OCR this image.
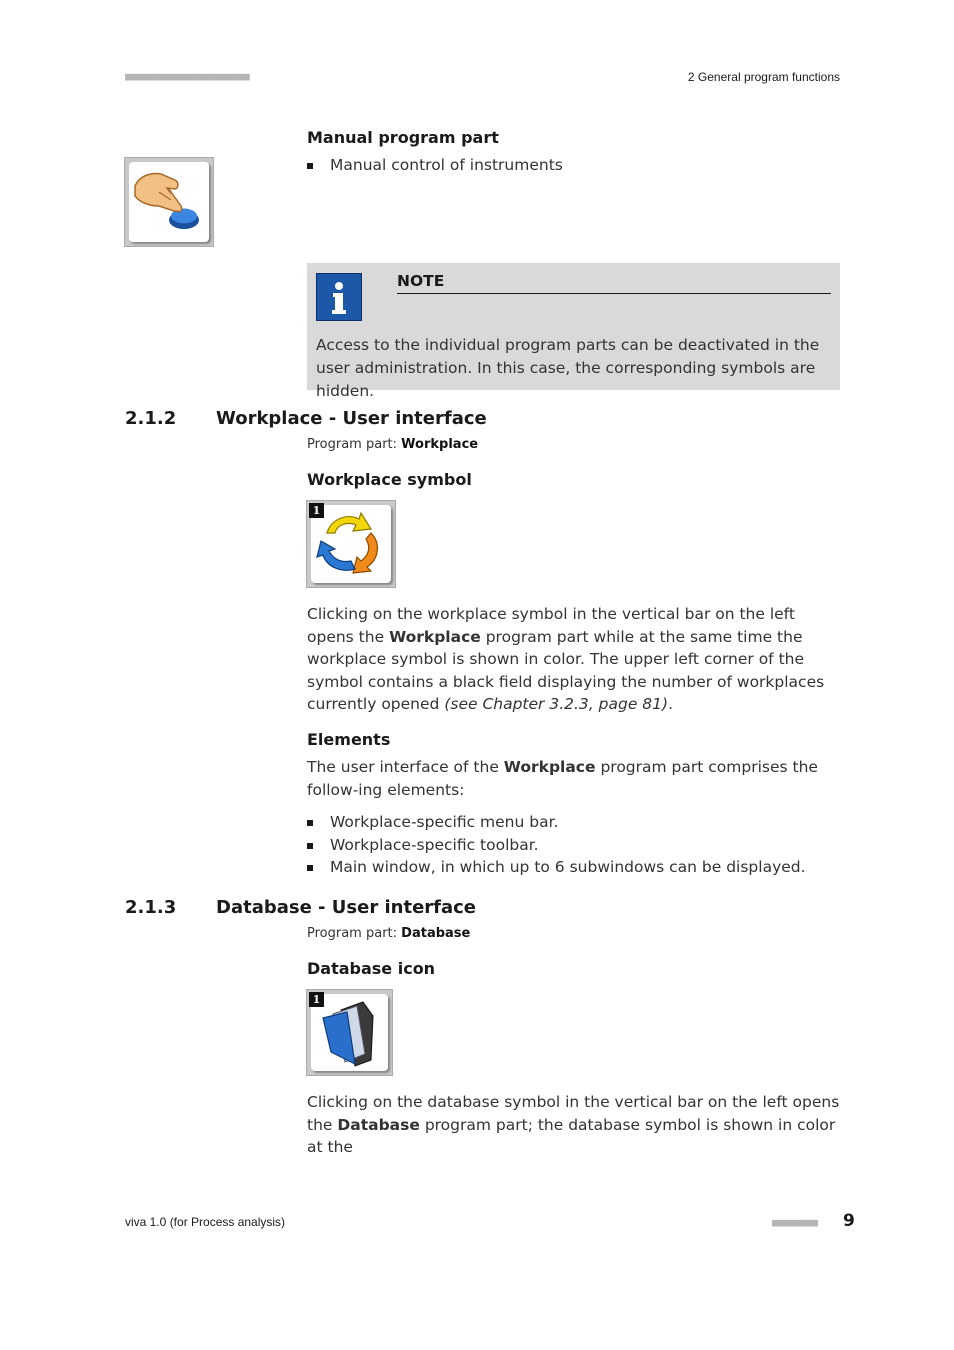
■■■■■■■■■■■■■■■■■■■■■■	2 General program functions
Manual program part
Manual control of instruments
NOTE
Access to the individual program parts can be deactivated in the user administration. In this case, the corresponding symbols are hidden.
2.1.2 Workplace - User interface
Program part: Workplace
Workplace symbol
1
Clicking on the workplace symbol in the vertical bar on the left opens the Workplace program part while at the same time the workplace symbol is shown in color. The upper left corner of the symbol contains a black field displaying the number of workplaces currently opened (see Chapter 3.2.3, page 81).
Elements
The user interface of the Workplace program part comprises the follow-ing elements:
Workplace-specific menu bar.
Workplace-specific toolbar.
Main window, in which up to 6 subwindows can be displayed.
2.1.3 Database - User interface
Program part: Database
Database icon
1
Clicking on the database symbol in the vertical bar on the left opens the Database program part; the database symbol is shown in color at the
viva 1.0 (for Process analysis)	■■■■■■■■ 9
